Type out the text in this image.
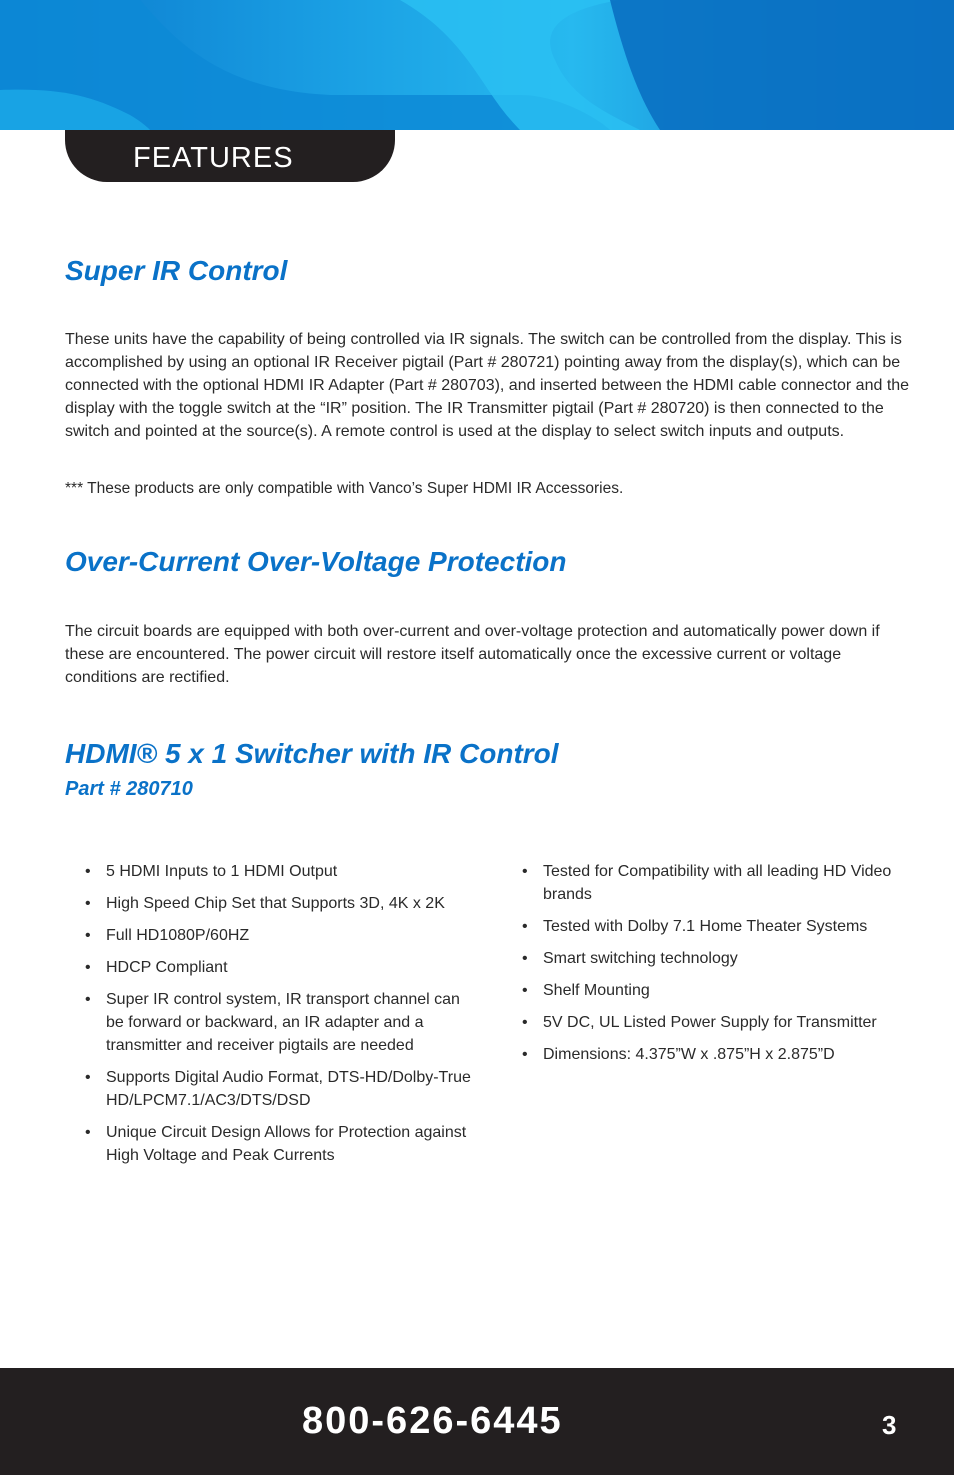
FEATURES
Super IR Control

These units have the capability of being controlled via IR signals. The switch can be controlled from the display. This is accomplished by using an optional IR Receiver pigtail (Part # 280721) pointing away from the display(s), which can be connected with the optional HDMI IR Adapter (Part # 280703), and inserted between the HDMI cable connector and the display with the toggle switch at the “IR” position. The IR Transmitter pigtail (Part # 280720) is then connected to the switch and pointed at the source(s). A remote control is used at the display to select switch inputs and outputs.

*** These products are only compatible with Vanco’s Super HDMI IR Accessories.

Over-Current Over-Voltage Protection

The circuit boards are equipped with both over-current and over-voltage protection and automatically power down if these are encountered. The power circuit will restore itself automatically once the excessive current or voltage conditions are rectified.

HDMI® 5 x 1 Switcher with IR Control
Part # 280710
• 5 HDMI Inputs to 1 HDMI Output
• High Speed Chip Set that Supports 3D, 4K x 2K
• Full HD1080P/60HZ
• HDCP Compliant
• Super IR control system, IR transport channel can be forward or backward, an IR adapter and a transmitter and receiver pigtails are needed
• Supports Digital Audio Format, DTS-HD/Dolby-True HD/LPCM7.1/AC3/DTS/DSD
• Unique Circuit Design Allows for Protection against High Voltage and Peak Currents
• Tested for Compatibility with all leading HD Video brands
• Tested with Dolby 7.1 Home Theater Systems
• Smart switching technology
• Shelf Mounting
• 5V DC, UL Listed Power Supply for Transmitter
• Dimensions: 4.375”W x .875”H x 2.875”D
800-626-6445	3
